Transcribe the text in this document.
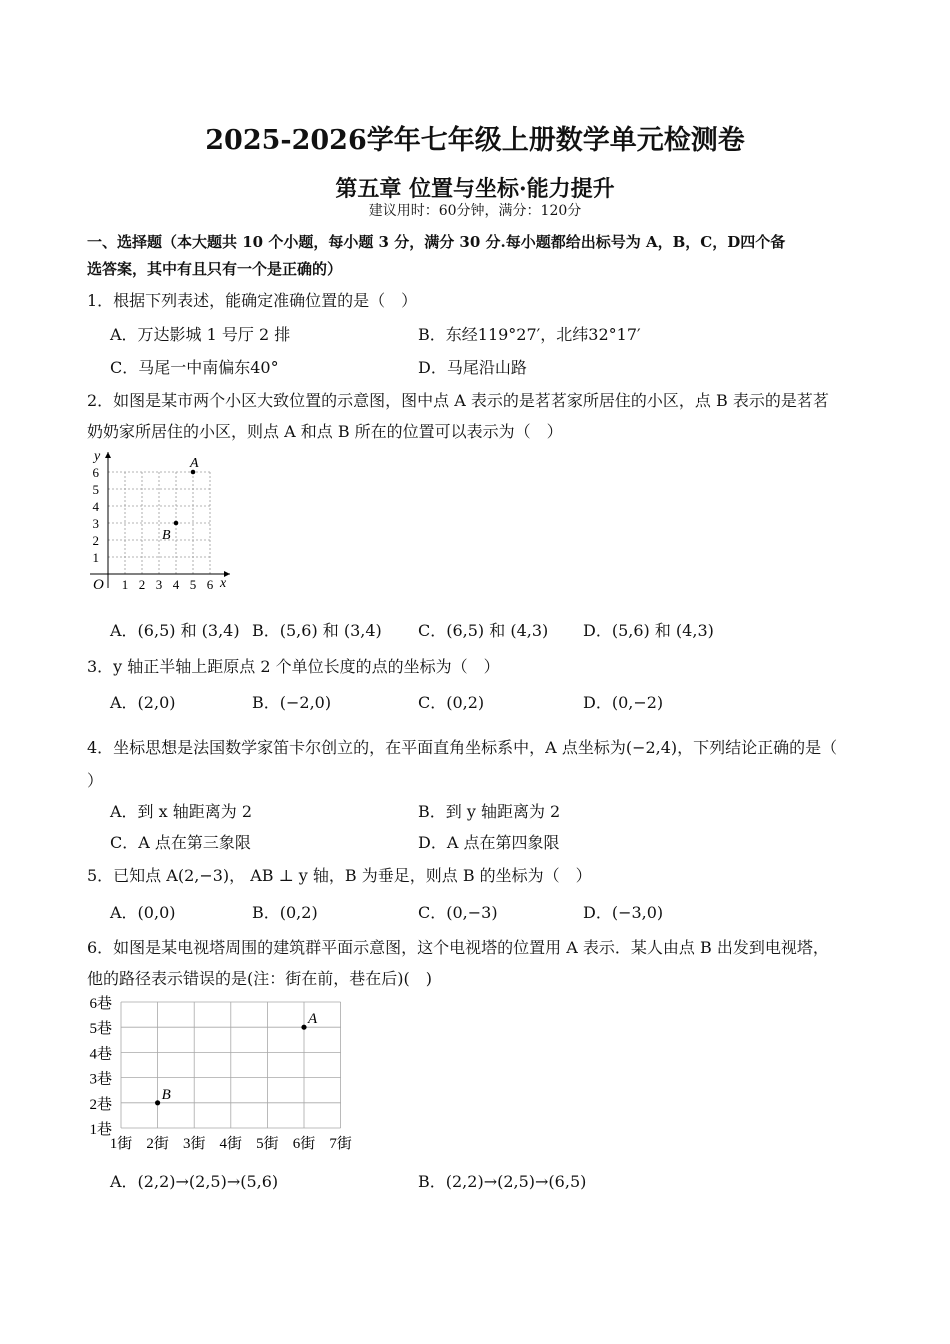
2025-2026学年七年级上册数学单元检测卷
第五章 位置与坐标·能力提升
建议用时：60分钟，满分：120分
一、选择题（本大题共 10 个小题，每小题 3 分，满分 30 分.每小题都给出标号为 A，B，C，D四个备
选答案，其中有且只有一个是正确的）
1．根据下列表述，能确定准确位置的是（　）
A．万达影城 1 号厅 2 排	B．东经119°27′，北纬32°17′
C．马尾一中南偏东40°	D．马尾沿山路
2．如图是某市两个小区大致位置的示意图，图中点 A 表示的是茗茗家所居住的小区，点 B 表示的是茗茗
奶奶家所居住的小区，则点 A 和点 B 所在的位置可以表示为（　）
1 2 3 4 5 6
1
2
3
4
5
6
O	x
y	A
B
A．(6,5) 和 (3,4) B．(5,6) 和 (3,4) C．(6,5) 和 (4,3) D．(5,6) 和 (4,3)
3．y 轴正半轴上距原点 2 个单位长度的点的坐标为（　）
A．(2,0)	B．(−2,0)	C．(0,2)	D．(0,−2)
4．坐标思想是法国数学家笛卡尔创立的，在平面直角坐标系中，A 点坐标为(−2,4)，下列结论正确的是（
）
A．到 x 轴距离为 2	B．到 y 轴距离为 2
C．A 点在第三象限	D．A 点在第四象限
5．已知点 A(2,−3)， AB ⊥ y 轴，B 为垂足，则点 B 的坐标为（　）
A．(0,0)	B．(0,2)	C．(0,−3)	D．(−3,0)
6．如图是某电视塔周围的建筑群平面示意图，这个电视塔的位置用 A 表示．某人由点 B 出发到电视塔，
他的路径表示错误的是(注：街在前，巷在后)(　)
1街 2街 3街 4街 5街 6街 7街
1巷
2巷
3巷
4巷
5巷
6巷
A
B
A．(2,2)→(2,5)→(5,6)	B．(2,2)→(2,5)→(6,5)
